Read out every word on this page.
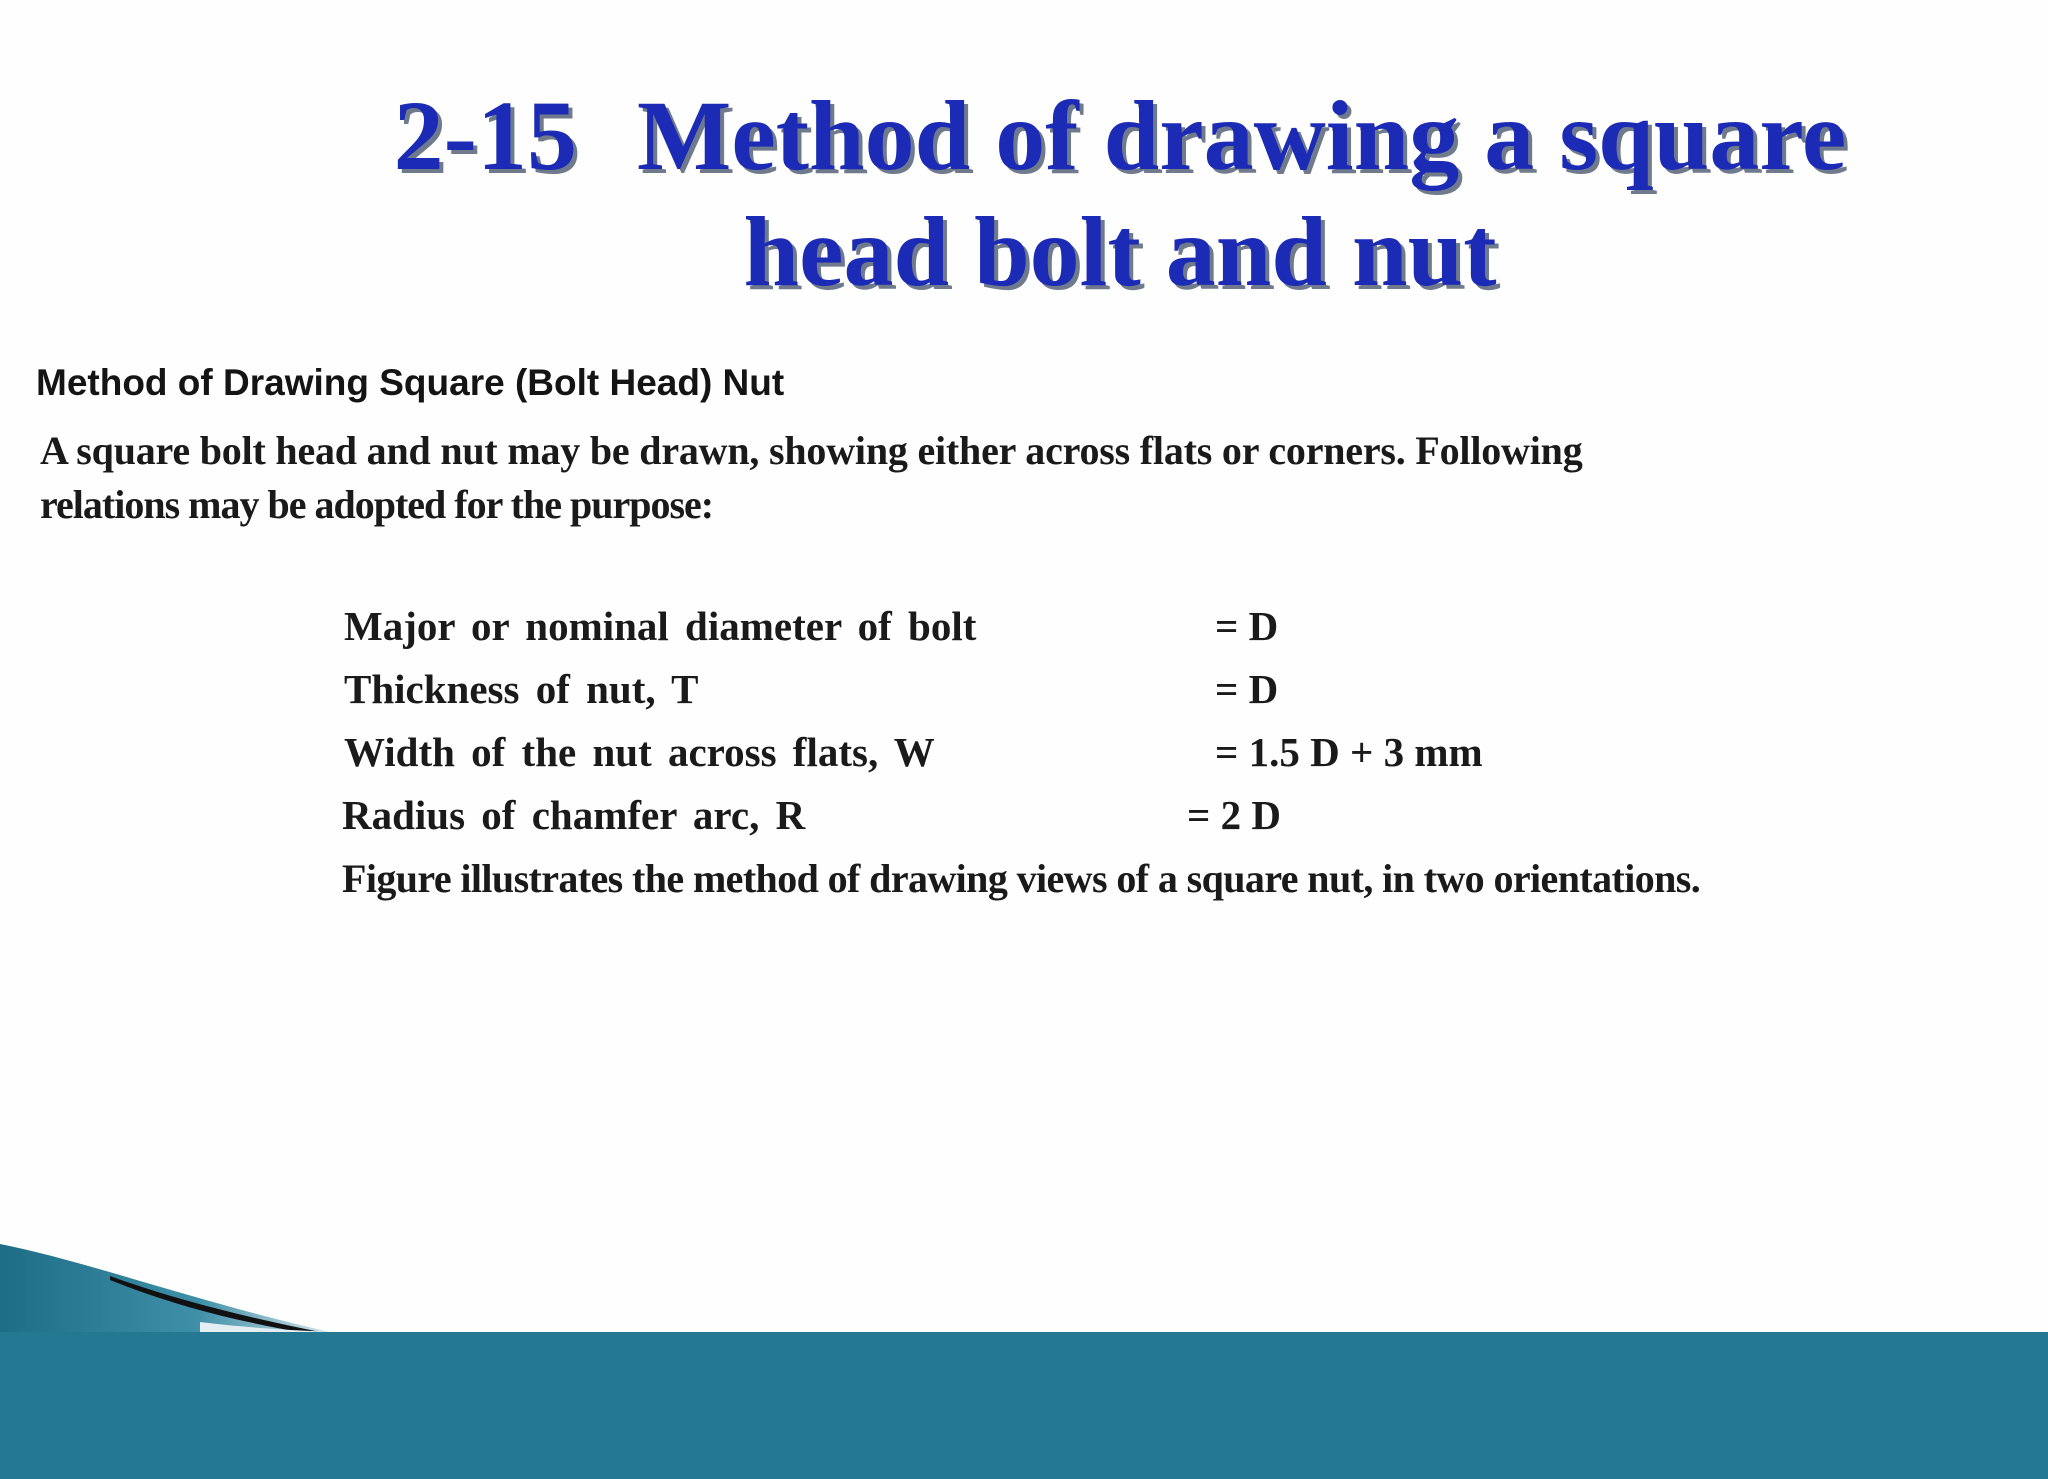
2-15 Method of drawing a square
head bolt and nut
Method of Drawing Square (Bolt Head) Nut

A square bolt head and nut may be drawn, showing either across flats or corners. Following
relations may be adopted for the purpose:

Major or nominal diameter of bolt	= D
Thickness of nut, T	= D
Width of the nut across flats, W	= 1.5 D + 3 mm
Radius of chamfer arc, R	= 2 D

Figure illustrates the method of drawing views of a square nut, in two orientations.
